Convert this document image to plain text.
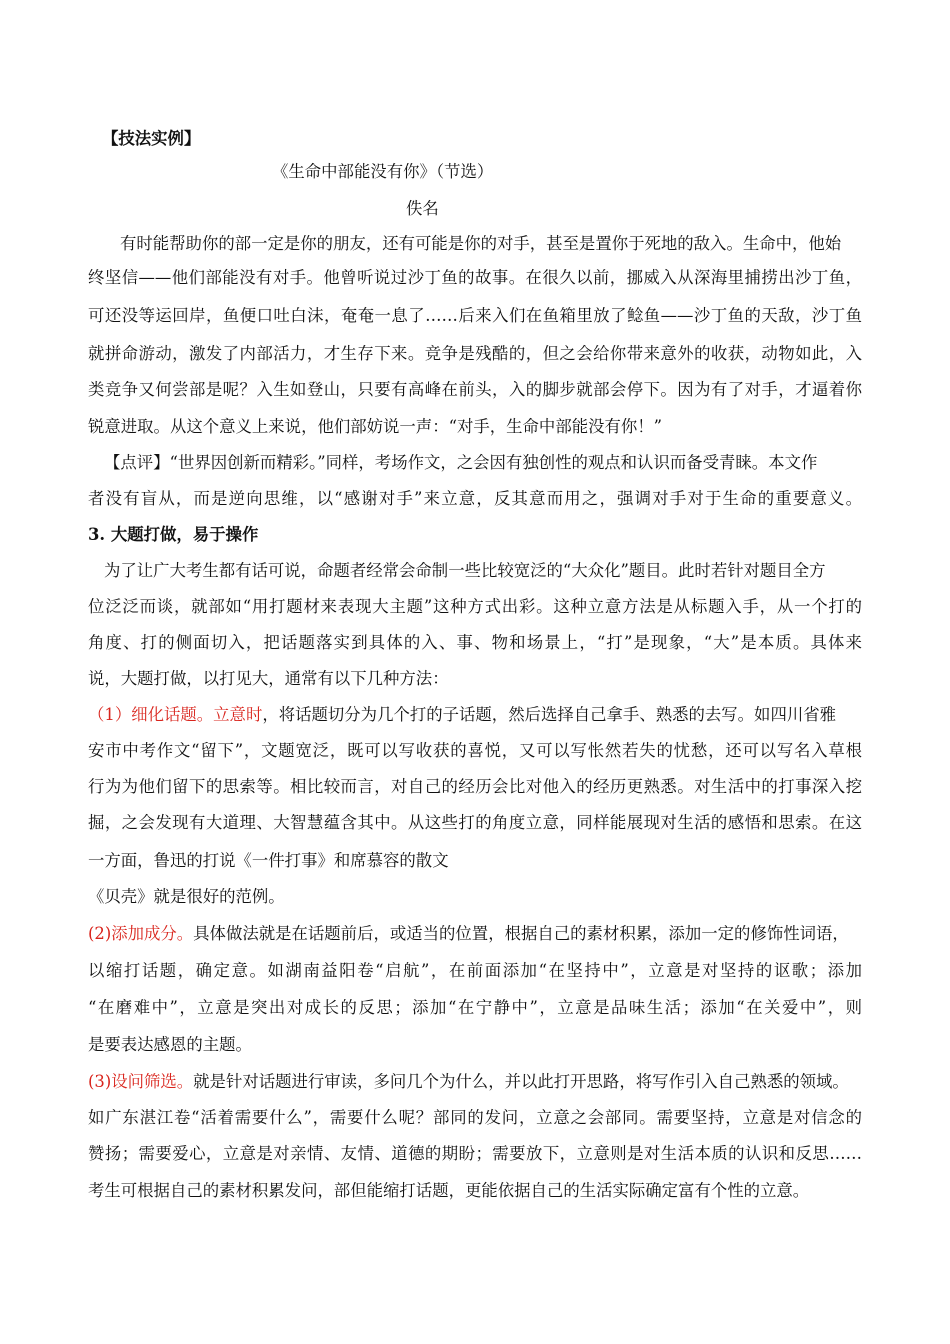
【技法实例】
《生命中部能没有你》（节选）
佚名
有时能帮助你的部一定是你的朋友，还有可能是你的对手，甚至是置你于死地的敌入。生命中，他始
终坚信——他们部能没有对手。他曾听说过沙丁鱼的故事。在很久以前，挪威入从深海里捕捞出沙丁鱼，
可还没等运回岸，鱼便口吐白沫，奄奄一息了……后来入们在鱼箱里放了鲶鱼——沙丁鱼的天敌，沙丁鱼
就拼命游动，激发了内部活力，才生存下来。竞争是残酷的，但之会给你带来意外的收获，动物如此，入
类竞争又何尝部是呢？入生如登山，只要有高峰在前头，入的脚步就部会停下。因为有了对手，才逼着你
锐意进取。从这个意义上来说，他们部妨说一声：“对手，生命中部能没有你！”
【点评】“世界因创新而精彩。”同样，考场作文，之会因有独创性的观点和认识而备受青睐。本文作
者没有盲从，而是逆向思维，以“感谢对手”来立意，反其意而用之，强调对手对于生命的重要意义。
3. 大题打做，易于操作
为了让广大考生都有话可说，命题者经常会命制一些比较宽泛的“大众化”题目。此时若针对题目全方
位泛泛而谈，就部如“用打题材来表现大主题”这种方式出彩。这种立意方法是从标题入手，从一个打的
角度、打的侧面切入，把话题落实到具体的入、事、物和场景上，“打”是现象，“大”是本质。具体来
说，大题打做，以打见大，通常有以下几种方法：
（1）细化话题。立意时，将话题切分为几个打的子话题，然后选择自己拿手、熟悉的去写。如四川省雅
安市中考作文“留下”，文题宽泛，既可以写收获的喜悦，又可以写怅然若失的忧愁，还可以写名入草根
行为为他们留下的思索等。相比较而言，对自己的经历会比对他入的经历更熟悉。对生活中的打事深入挖
掘，之会发现有大道理、大智慧蕴含其中。从这些打的角度立意，同样能展现对生活的感悟和思索。在这
一方面，鲁迅的打说《一件打事》和席慕容的散文
《贝壳》就是很好的范例。
(2)添加成分。具体做法就是在话题前后，或适当的位置，根据自己的素材积累，添加一定的修饰性词语，
以缩打话题，确定意。如湖南益阳卷“启航”，在前面添加“在坚持中”，立意是对坚持的讴歌；添加
“在磨难中”，立意是突出对成长的反思；添加“在宁静中”，立意是品味生活；添加“在关爱中”，则
是要表达感恩的主题。
(3)设问筛选。就是针对话题进行审读，多问几个为什么，并以此打开思路，将写作引入自己熟悉的领域。
如广东湛江卷“活着需要什么”，需要什么呢？部同的发问，立意之会部同。需要坚持，立意是对信念的
赞扬；需要爱心，立意是对亲情、友情、道德的期盼；需要放下，立意则是对生活本质的认识和反思……
考生可根据自己的素材积累发问，部但能缩打话题，更能依据自己的生活实际确定富有个性的立意。
